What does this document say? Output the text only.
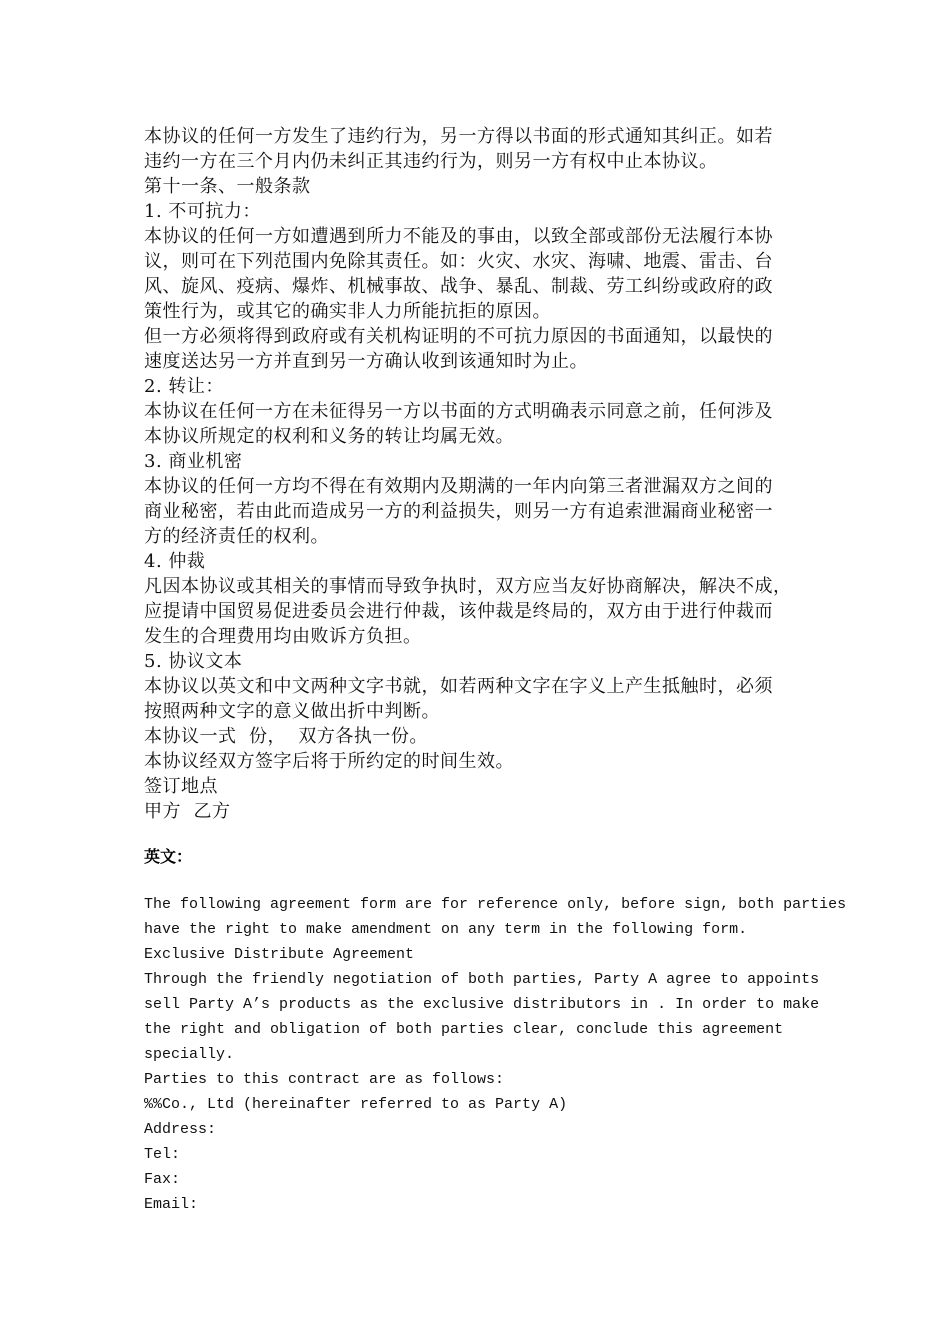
本协议的任何一方发生了违约行为，另一方得以书面的形式通知其纠正。如若
违约一方在三个月内仍未纠正其违约行为，则另一方有权中止本协议。
第十一条、一般条款
1. 不可抗力：
本协议的任何一方如遭遇到所力不能及的事由，以致全部或部份无法履行本协
议，则可在下列范围内免除其责任。如：火灾、水灾、海啸、地震、雷击、台
风、旋风、疫病、爆炸、机械事故、战争、暴乱、制裁、劳工纠纷或政府的政
策性行为，或其它的确实非人力所能抗拒的原因。
但一方必须将得到政府或有关机构证明的不可抗力原因的书面通知，以最快的
速度送达另一方并直到另一方确认收到该通知时为止。
2. 转让：
本协议在任何一方在未征得另一方以书面的方式明确表示同意之前，任何涉及
本协议所规定的权利和义务的转让均属无效。
3. 商业机密
本协议的任何一方均不得在有效期内及期满的一年内向第三者泄漏双方之间的
商业秘密，若由此而造成另一方的利益损失，则另一方有追索泄漏商业秘密一
方的经济责任的权利。
4. 仲裁
凡因本协议或其相关的事情而导致争执时，双方应当友好协商解决，解决不成，
应提请中国贸易促进委员会进行仲裁，该仲裁是终局的，双方由于进行仲裁而
发生的合理费用均由败诉方负担。
5. 协议文本
本协议以英文和中文两种文字书就，如若两种文字在字义上产生抵触时，必须
按照两种文字的意义做出折中判断。
本协议一式  份，  双方各执一份。
本协议经双方签字后将于所约定的时间生效。
签订地点
甲方  乙方
英文：
The following agreement form are for reference only, before sign, both parties
have the right to make amendment on any term in the following form.
Exclusive Distribute Agreement
Through the friendly negotiation of both parties, Party A agree to appoints
sell Party A’s products as the exclusive distributors in . In order to make
the right and obligation of both parties clear, conclude this agreement
specially.
Parties to this contract are as follows:
%%Co., Ltd (hereinafter referred to as Party A)
Address:
Tel:
Fax:
Email:
